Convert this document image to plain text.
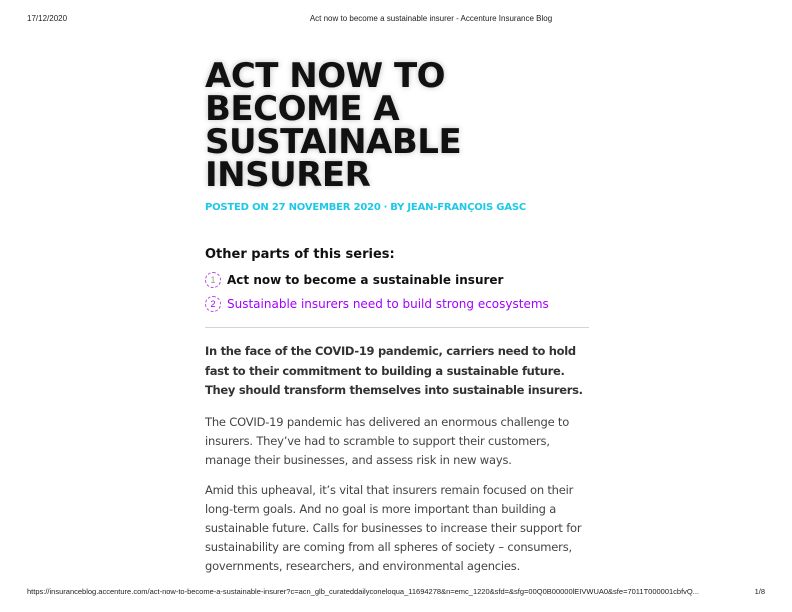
17/12/2020	Act now to become a sustainable insurer - Accenture Insurance Blog
ACT NOW TO BECOME A SUSTAINABLE INSURER
POSTED ON 27 NOVEMBER 2020 · BY JEAN-FRANÇOIS GASC
Other parts of this series:
1 Act now to become a sustainable insurer
2 Sustainable insurers need to build strong ecosystems

In the face of the COVID-19 pandemic, carriers need to hold fast to their commitment to building a sustainable future. They should transform themselves into sustainable insurers.

The COVID-19 pandemic has delivered an enormous challenge to insurers. They’ve had to scramble to support their customers, manage their businesses, and assess risk in new ways.

Amid this upheaval, it’s vital that insurers remain focused on their long-term goals. And no goal is more important than building a sustainable future. Calls for businesses to increase their support for sustainability are coming from all spheres of society – consumers, governments, researchers, and environmental agencies.

https://insuranceblog.accenture.com/act-now-to-become-a-sustainable-insurer?c=acn_glb_curateddailyconeloqua_11694278&n=emc_1220&sfd=&sfg=00Q0B00000lEIVWUA0&sfe=7011T000001cbfvQ...	1/8
